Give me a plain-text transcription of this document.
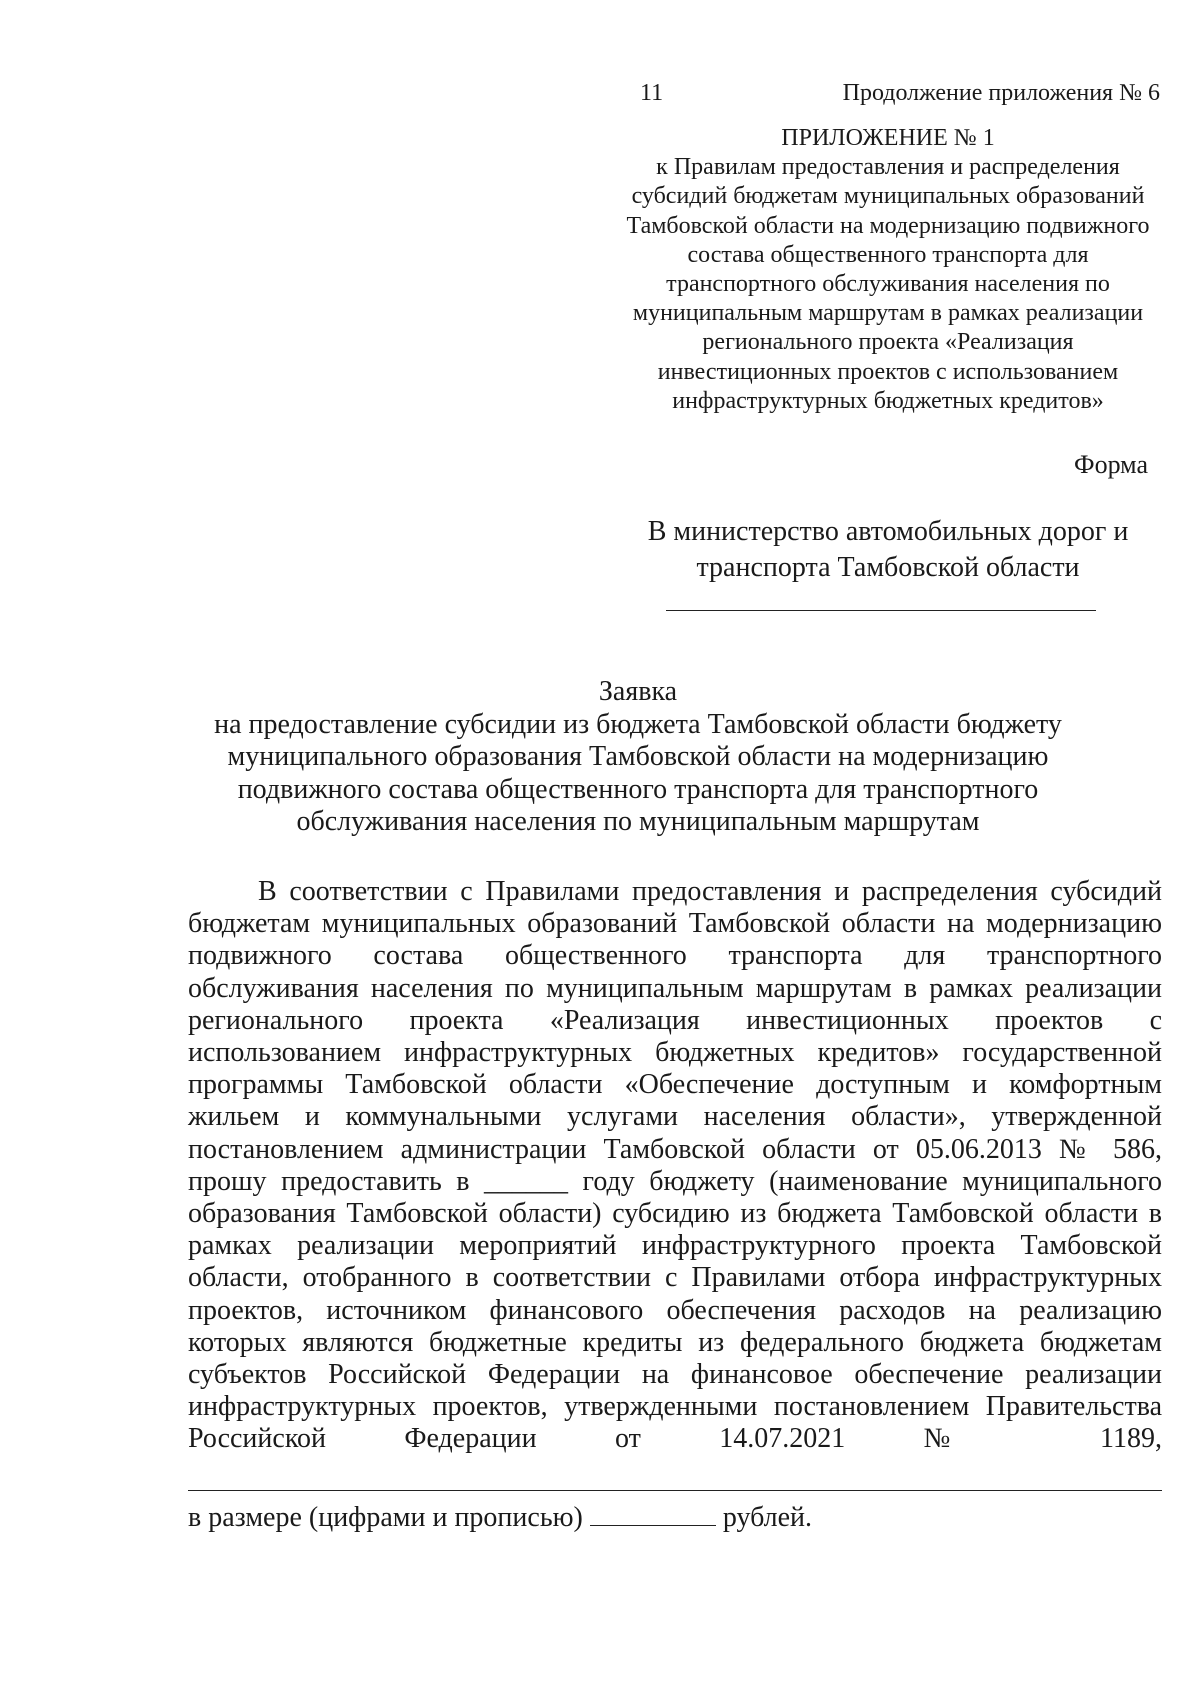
11	Продолжение приложения № 6
ПРИЛОЖЕНИЕ № 1
к Правилам предоставления и распределения
субсидий бюджетам муниципальных образований
Тамбовской области на модернизацию подвижного
состава общественного транспорта для
транспортного обслуживания населения по
муниципальным маршрутам в рамках реализации
регионального проекта «Реализация
инвестиционных проектов с использованием
инфраструктурных бюджетных кредитов»
Форма
В министерство автомобильных дорог и
транспорта Тамбовской области
Заявка
на предоставление субсидии из бюджета Тамбовской области бюджету
муниципального образования Тамбовской области на модернизацию
подвижного состава общественного транспорта для транспортного
обслуживания населения по муниципальным маршрутам
В соответствии с Правилами предоставления и распределения субсидий
бюджетам муниципальных образований Тамбовской области на модернизацию
подвижного состава общественного транспорта для транспортного
обслуживания населения по муниципальным маршрутам в рамках реализации
регионального проекта «Реализация инвестиционных проектов с
использованием инфраструктурных бюджетных кредитов» государственной
программы Тамбовской области «Обеспечение доступным и комфортным
жильем и коммунальными услугами населения области», утвержденной
постановлением администрации Тамбовской области от 05.06.2013 № 586,
прошу предоставить в ______ году бюджету (наименование муниципального
образования Тамбовской области) субсидию из бюджета Тамбовской области в
рамках реализации мероприятий инфраструктурного проекта Тамбовской
области, отобранного в соответствии с Правилами отбора инфраструктурных
проектов, источником финансового обеспечения расходов на реализацию
которых являются бюджетные кредиты из федерального бюджета бюджетам
субъектов Российской Федерации на финансовое обеспечение реализации
инфраструктурных проектов, утвержденными постановлением Правительства
Российской Федерации от 14.07.2021 № 1189,
в размере (цифрами и прописью)	рублей.
